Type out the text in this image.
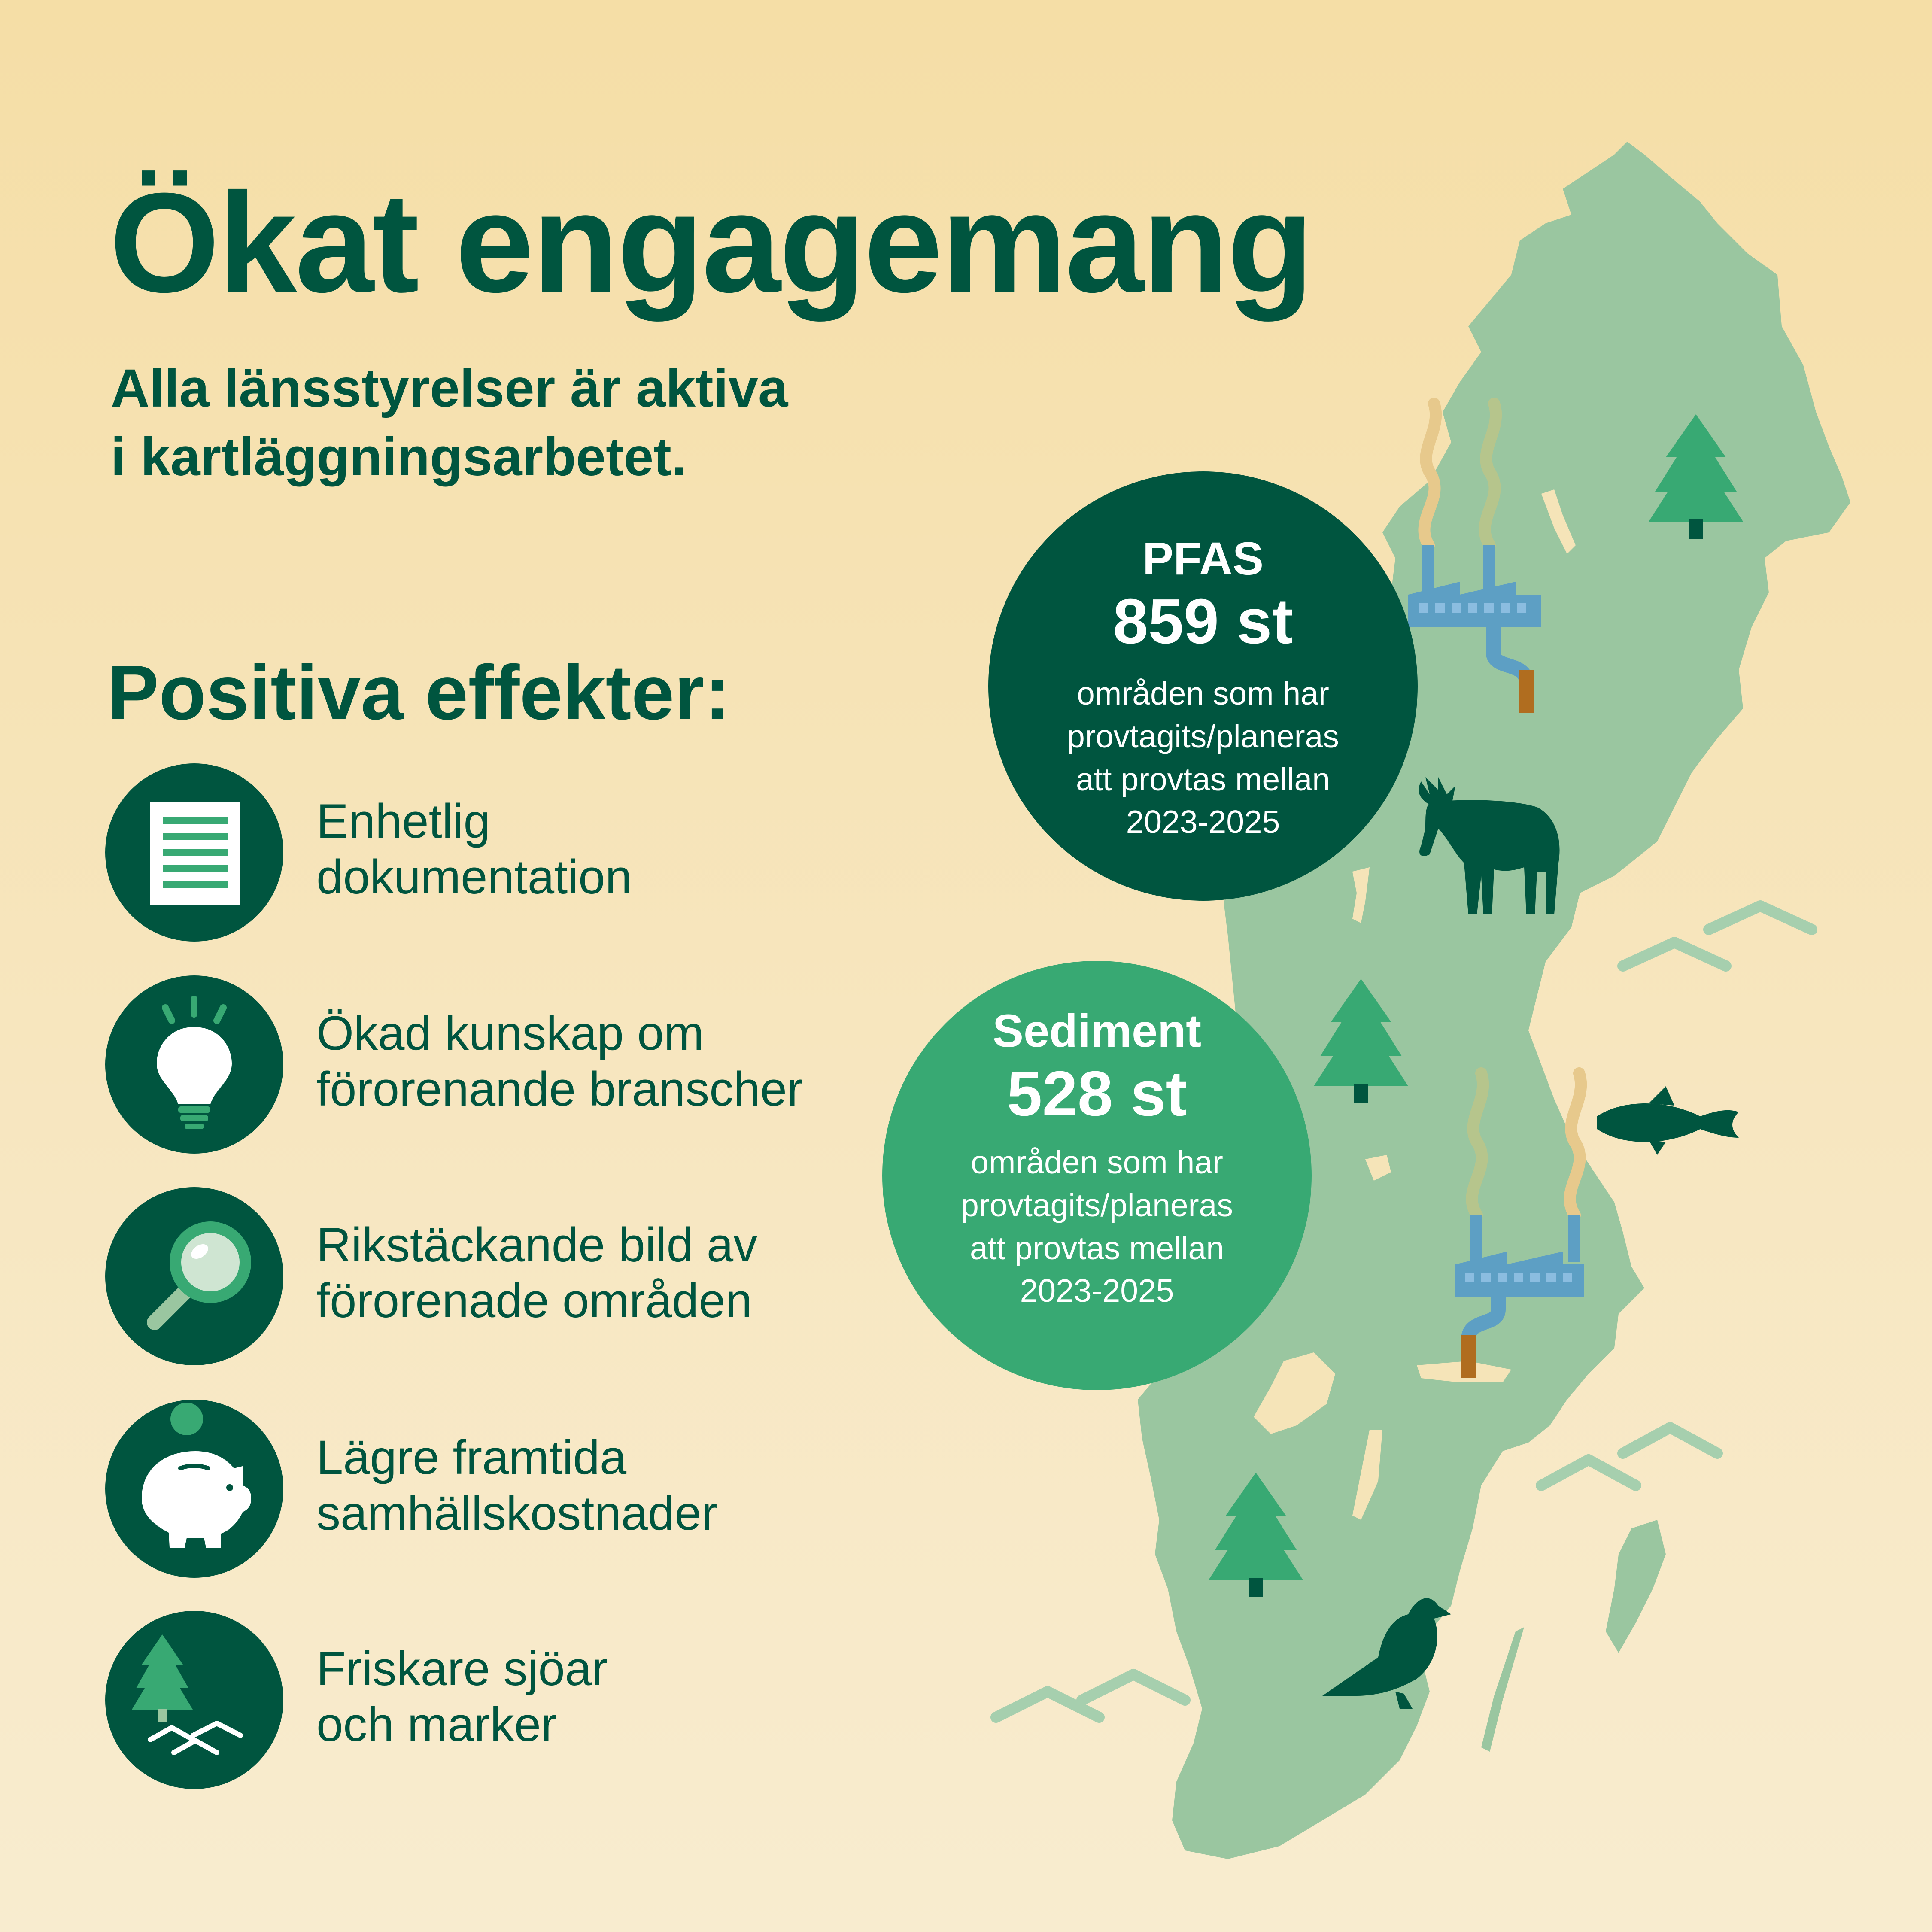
Ökat engagemang
Alla länsstyrelser är aktiva
i kartläggningsarbetet.
Positiva effekter:
Enhetlig
dokumentation
Ökad kunskap om
förorenande branscher
Rikstäckande bild av
förorenade områden
Lägre framtida
samhällskostnader
Friskare sjöar
och marker
PFAS
859 st
områden som har
provtagits/planeras
att provtas mellan
2023-2025
Sediment
528 st
områden som har
provtagits/planeras
att provtas mellan
2023-2025
